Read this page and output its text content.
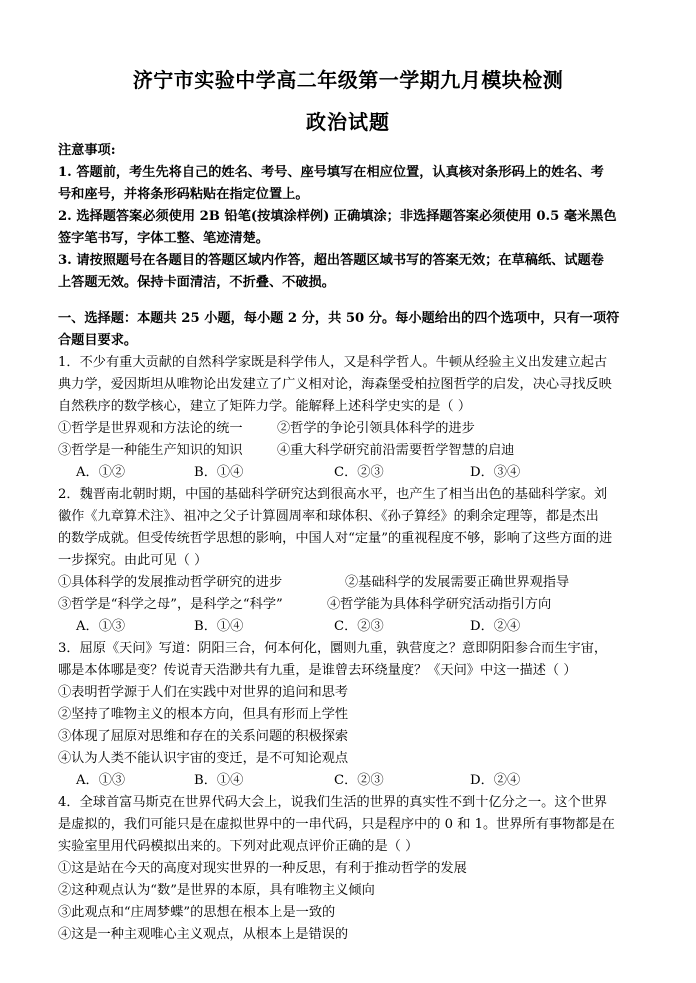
济宁市实验中学高二年级第一学期九月模块检测
政治试题
注意事项:
1. 答题前，考生先将自己的姓名、考号、座号填写在相应位置，认真核对条形码上的姓名、考
号和座号，并将条形码粘贴在指定位置上。
2. 选择题答案必须使用 2B 铅笔(按填涂样例) 正确填涂；非选择题答案必须使用 0.5 毫米黑色
签字笔书写，字体工整、笔迹清楚。
3. 请按照题号在各题目的答题区域内作答，超出答题区域书写的答案无效；在草稿纸、试题卷
上答题无效。保持卡面清洁，不折叠、不破损。
一、选择题：本题共 25 小题，每小题 2 分，共 50 分。每小题给出的四个选项中，只有一项符
合题目要求。
1．不少有重大贡献的自然科学家既是科学伟人，又是科学哲人。牛顿从经验主义出发建立起古
典力学，爱因斯坦从唯物论出发建立了广义相对论，海森堡受柏拉图哲学的启发，决心寻找反映
自然秩序的数学核心，建立了矩阵力学。能解释上述科学史实的是（ ）
①哲学是世界观和方法论的统一	②哲学的争论引领具体科学的进步
③哲学是一种能生产知识的知识	④重大科学研究前沿需要哲学智慧的启迪
A．①②	B．①④	C．②③	D．③④
2．魏晋南北朝时期，中国的基础科学研究达到很高水平，也产生了相当出色的基础科学家。刘
徽作《九章算术注》、祖冲之父子计算圆周率和球体积、《孙子算经》的剩余定理等，都是杰出
的数学成就。但受传统哲学思想的影响，中国人对“定量”的重视程度不够，影响了这些方面的进
一步探究。由此可见（ ）
①具体科学的发展推动哲学研究的进步	②基础科学的发展需要正确世界观指导
③哲学是“科学之母”，是科学之“科学”	④哲学能为具体科学研究活动指引方向
A．①③	B．①④	C．②③	D．②④
3．屈原《天问》写道：阴阳三合，何本何化，圜则九重，孰营度之？意即阴阳参合而生宇宙，
哪是本体哪是变？传说青天浩渺共有九重，是谁曾去环绕量度？《天问》中这一描述（ ）
①表明哲学源于人们在实践中对世界的追问和思考
②坚持了唯物主义的根本方向，但具有形而上学性
③体现了屈原对思维和存在的关系问题的积极探索
④认为人类不能认识宇宙的变迁，是不可知论观点
A．①③	B．①④	C．②③	D．②④
4．全球首富马斯克在世界代码大会上，说我们生活的世界的真实性不到十亿分之一。这个世界
是虚拟的，我们可能只是在虚拟世界中的一串代码，只是程序中的 0 和 1。世界所有事物都是在
实验室里用代码模拟出来的。下列对此观点评价正确的是（ ）
①这是站在今天的高度对现实世界的一种反思，有利于推动哲学的发展
②这种观点认为“数”是世界的本原，具有唯物主义倾向
③此观点和“庄周梦蝶”的思想在根本上是一致的
④这是一种主观唯心主义观点，从根本上是错误的
